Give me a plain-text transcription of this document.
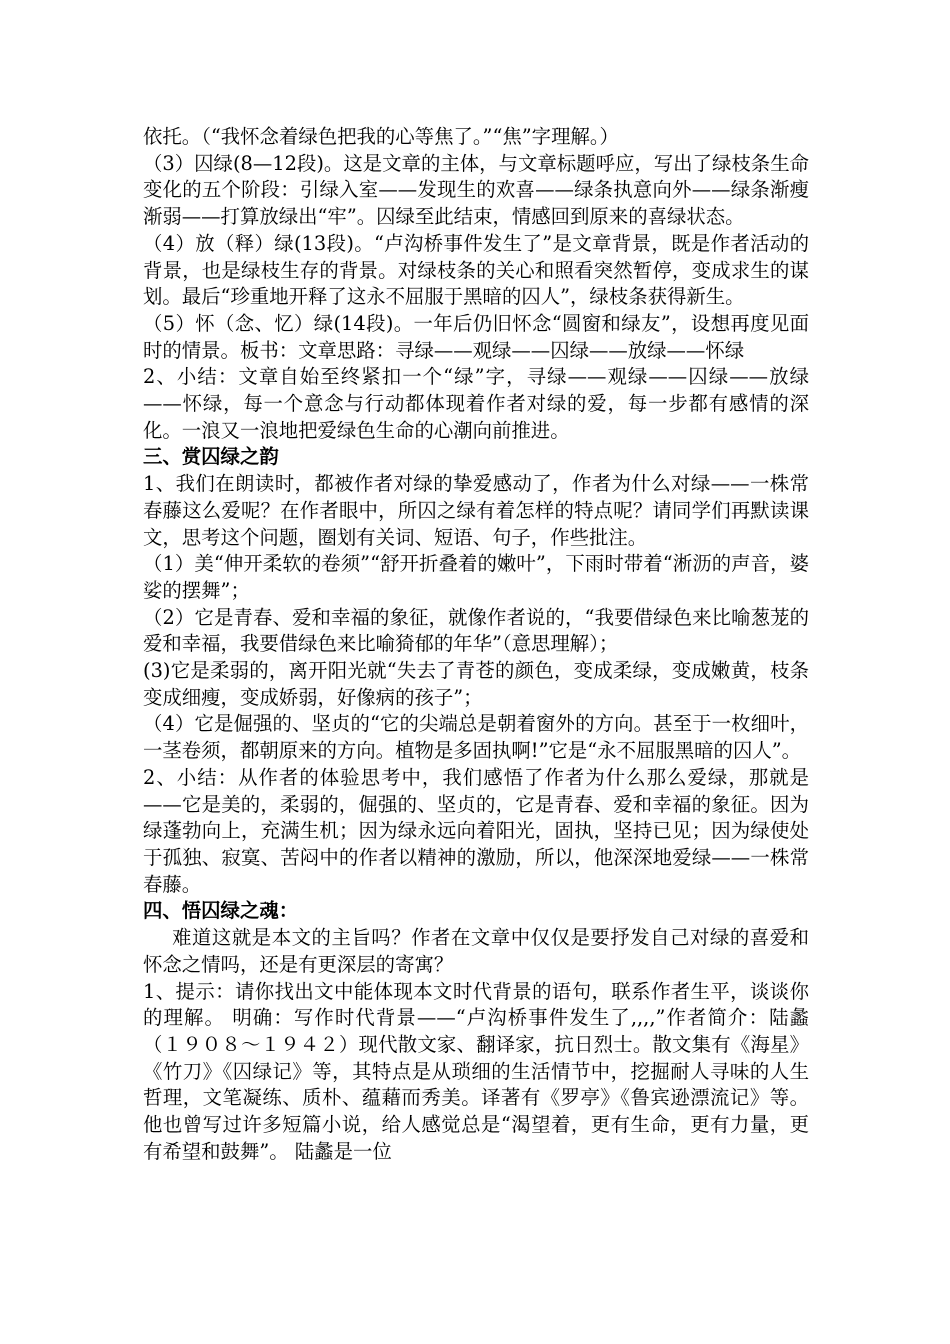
依托。（“我怀念着绿色把我的心等焦了。”“焦”字理解。）

（3）囚绿(8—12段)。这是文章的主体，与文章标题呼应，写出了绿枝条生命变化的五个阶段：引绿入室——发现生的欢喜——绿条执意向外——绿条渐瘦渐弱——打算放绿出“牢”。囚绿至此结束，情感回到原来的喜绿状态。

（4）放（释）绿(13段)。“卢沟桥事件发生了”是文章背景，既是作者活动的背景，也是绿枝生存的背景。对绿枝条的关心和照看突然暂停，变成求生的谋划。最后“珍重地开释了这永不屈服于黑暗的囚人”，绿枝条获得新生。

（5）怀（念、忆）绿(14段)。一年后仍旧怀念“圆窗和绿友”，设想再度见面时的情景。板书：文章思路：寻绿——观绿——囚绿——放绿——怀绿

2、小结：文章自始至终紧扣一个“绿”字，寻绿——观绿——囚绿——放绿——怀绿，每一个意念与行动都体现着作者对绿的爱，每一步都有感情的深化。一浪又一浪地把爱绿色生命的心潮向前推进。

三、赏囚绿之韵

1、我们在朗读时，都被作者对绿的挚爱感动了，作者为什么对绿——一株常春藤这么爱呢？在作者眼中，所囚之绿有着怎样的特点呢？请同学们再默读课文，思考这个问题，圈划有关词、短语、句子，作些批注。

（1）美“伸开柔软的卷须”“舒开折叠着的嫩叶”，下雨时带着“淅沥的声音，婆娑的摆舞”；

（2）它是青春、爱和幸福的象征，就像作者说的，“我要借绿色来比喻葱茏的爱和幸福，我要借绿色来比喻猗郁的年华”（意思理解）；

(3)它是柔弱的，离开阳光就“失去了青苍的颜色，变成柔绿，变成嫩黄，枝条变成细瘦，变成娇弱，好像病的孩子”；

（4）它是倔强的、坚贞的“它的尖端总是朝着窗外的方向。甚至于一枚细叶，一茎卷须，都朝原来的方向。植物是多固执啊!”它是“永不屈服黑暗的囚人”。

2、小结：从作者的体验思考中，我们感悟了作者为什么那么爱绿，那就是——它是美的，柔弱的，倔强的、坚贞的，它是青春、爱和幸福的象征。因为绿蓬勃向上，充满生机；因为绿永远向着阳光，固执，坚持已见；因为绿使处于孤独、寂寞、苦闷中的作者以精神的激励，所以，他深深地爱绿——一株常春藤。

四、悟囚绿之魂：

难道这就是本文的主旨吗？作者在文章中仅仅是要抒发自己对绿的喜爱和怀念之情吗，还是有更深层的寄寓？

1、提示：请你找出文中能体现本文时代背景的语句，联系作者生平，谈谈你的理解。 明确：写作时代背景——“卢沟桥事件发生了,,,,”作者简介：陆蠡（１９０８～１９４２）现代散文家、翻译家，抗日烈士。散文集有《海星》《竹刀》《囚绿记》等，其特点是从琐细的生活情节中，挖掘耐人寻味的人生哲理，文笔凝练、质朴、蕴藉而秀美。译著有《罗亭》《鲁宾逊漂流记》等。他也曾写过许多短篇小说，给人感觉总是“渴望着，更有生命，更有力量，更有希望和鼓舞”。 陆蠡是一位
